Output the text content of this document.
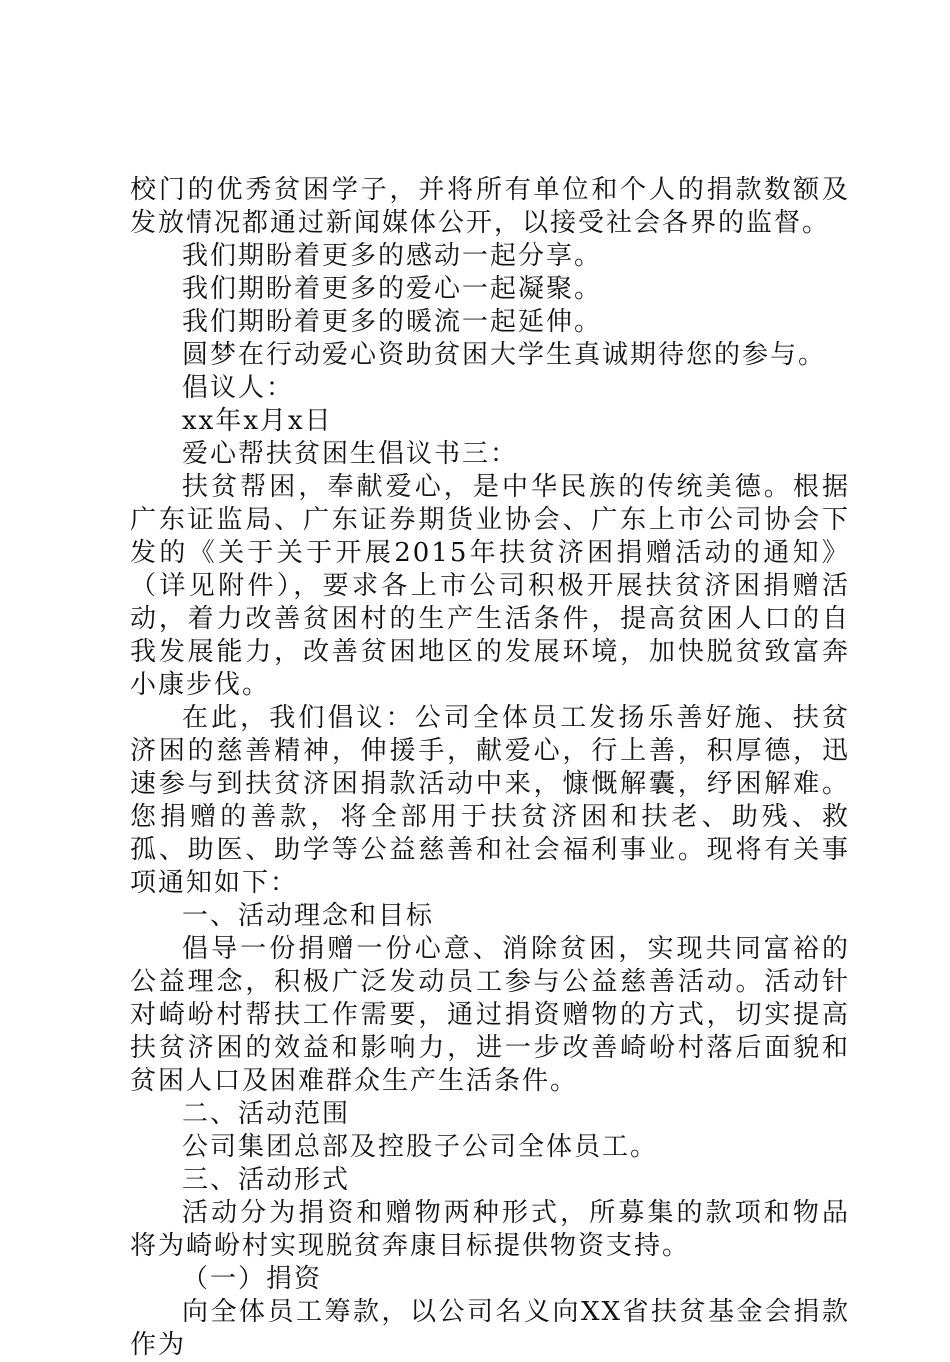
校门的优秀贫困学子，并将所有单位和个人的捐款数额及发放情况都通过新闻媒体公开，以接受社会各界的监督。

我们期盼着更多的感动一起分享。

我们期盼着更多的爱心一起凝聚。

我们期盼着更多的暖流一起延伸。

圆梦在行动爱心资助贫困大学生真诚期待您的参与。

倡议人：

xx年x月x日

爱心帮扶贫困生倡议书三：

扶贫帮困，奉献爱心，是中华民族的传统美德。根据广东证监局、广东证券期货业协会、广东上市公司协会下发的《关于关于开展2015年扶贫济困捐赠活动的通知》（详见附件），要求各上市公司积极开展扶贫济困捐赠活动，着力改善贫困村的生产生活条件，提高贫困人口的自我发展能力，改善贫困地区的发展环境，加快脱贫致富奔小康步伐。

在此，我们倡议：公司全体员工发扬乐善好施、扶贫济困的慈善精神，伸援手，献爱心，行上善，积厚德，迅速参与到扶贫济困捐款活动中来，慷慨解囊，纾困解难。您捐赠的善款，将全部用于扶贫济困和扶老、助残、救孤、助医、助学等公益慈善和社会福利事业。现将有关事项通知如下：

一、活动理念和目标

倡导一份捐赠一份心意、消除贫困，实现共同富裕的公益理念，积极广泛发动员工参与公益慈善活动。活动针对崎岎村帮扶工作需要，通过捐资赠物的方式，切实提高扶贫济困的效益和影响力，进一步改善崎岎村落后面貌和贫困人口及困难群众生产生活条件。

二、活动范围

公司集团总部及控股子公司全体员工。

三、活动形式

活动分为捐资和赠物两种形式，所募集的款项和物品将为崎岎村实现脱贫奔康目标提供物资支持。

（一）捐资

向全体员工筹款，以公司名义向XX省扶贫基金会捐款作为
